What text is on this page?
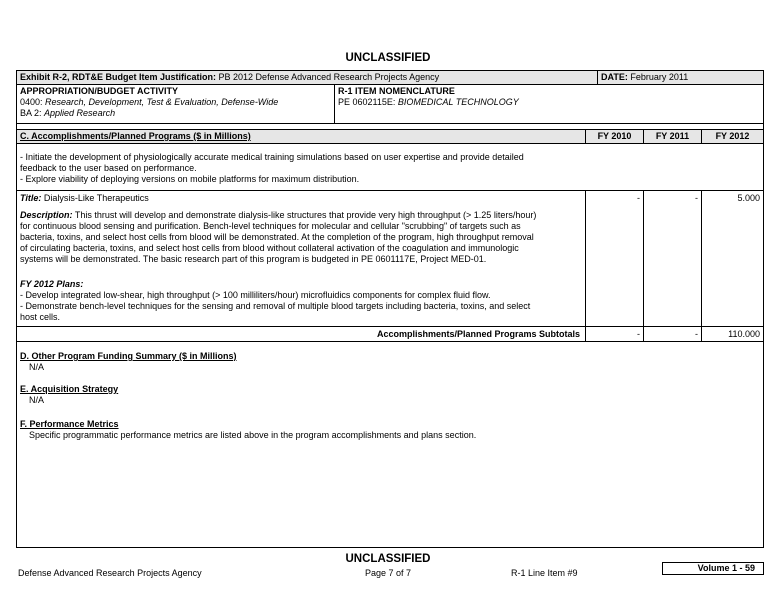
UNCLASSIFIED
Exhibit R-2, RDT&E Budget Item Justification: PB 2012 Defense Advanced Research Projects Agency	DATE: February 2011

APPROPRIATION/BUDGET ACTIVITY

0400: Research, Development, Test & Evaluation, Defense-Wide

BA 2: Applied Research

R-1 ITEM NOMENCLATURE

PE 0602115E: BIOMEDICAL TECHNOLOGY

C. Accomplishments/Planned Programs ($ in Millions)	FY 2010	FY 2011	FY 2012

- Initiate the development of physiologically accurate medical training simulations based on user expertise and provide detailed

feedback to the user based on performance.

- Explore viability of deploying versions on mobile platforms for maximum distribution.

Title: Dialysis-Like Therapeutics	-	-	5.000

Description: This thrust will develop and demonstrate dialysis-like structures that provide very high throughput (> 1.25 liters/hour)

for continuous blood sensing and purification. Bench-level techniques for molecular and cellular "scrubbing" of targets such as

bacteria, toxins, and select host cells from blood will be demonstrated. At the completion of the program, high throughput removal

of circulating bacteria, toxins, and select host cells from blood without collateral activation of the coagulation and immunologic

systems will be demonstrated. The basic research part of this program is budgeted in PE 0601117E, Project MED-01.

FY 2012 Plans:

- Develop integrated low-shear, high throughput (> 100 milliliters/hour) microfluidics components for complex fluid flow.

- Demonstrate bench-level techniques for the sensing and removal of multiple blood targets including bacteria, toxins, and select

host cells.

Accomplishments/Planned Programs Subtotals	-	-	110.000

D. Other Program Funding Summary ($ in Millions)

N/A

E. Acquisition Strategy

N/A

F. Performance Metrics

Specific programmatic performance metrics are listed above in the program accomplishments and plans section.

UNCLASSIFIED
Defense Advanced Research Projects Agency	Page 7 of 7	R-1 Line Item #9	Volume 1 - 59
